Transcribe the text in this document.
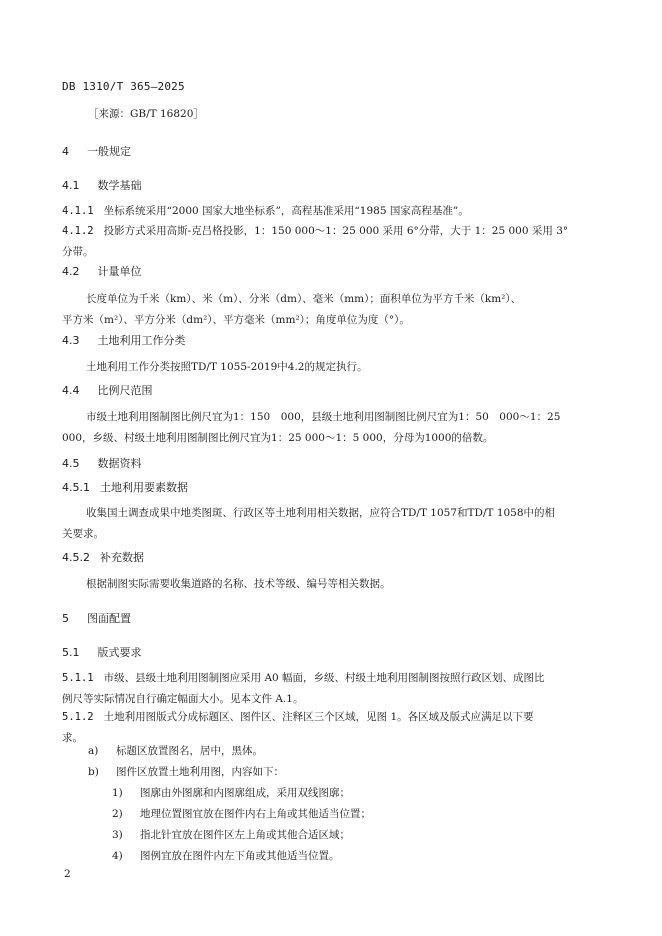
DB 1310/T 365—2025
［来源：GB/T 16820］
4 一般规定
4.1 数学基础
4.1.1 坐标系统采用“2000 国家大地坐标系”，高程基准采用“1985 国家高程基准”。
4.1.2 投影方式采用高斯-克吕格投影，1：150 000～1：25 000 采用 6°分带，大于 1：25 000 采用 3°
分带。
4.2 计量单位
长度单位为千米（km）、米（m）、分米（dm）、毫米（mm）；面积单位为平方千米（km²）、
平方米（m²）、平方分米（dm²）、平方毫米（mm²）；角度单位为度（°）。
4.3 土地利用工作分类
土地利用工作分类按照TD/T 1055-2019中4.2的规定执行。
4.4 比例尺范围
市级土地利用图制图比例尺宜为1：150　000，县级土地利用图制图比例尺宜为1：50　000～1：25
000，乡级、村级土地利用图制图比例尺宜为1：25 000～1：5 000，分母为1000的倍数。
4.5 数据资料
4.5.1 土地利用要素数据
收集国土调查成果中地类图斑、行政区等土地利用相关数据，应符合TD/T 1057和TD/T 1058中的相
关要求。
4.5.2 补充数据
根据制图实际需要收集道路的名称、技术等级、编号等相关数据。
5 图面配置
5.1 版式要求
5.1.1 市级、县级土地利用图制图应采用 A0 幅面，乡级、村级土地利用图制图按照行政区划、成图比
例尺等实际情况自行确定幅面大小。见本文件 A.1。
5.1.2 土地利用图版式分成标题区、图件区、注释区三个区域，见图 1。各区域及版式应满足以下要
求。
a) 标题区放置图名，居中，黑体。
b) 图件区放置土地利用图，内容如下：
1) 图廓由外图廓和内图廓组成，采用双线图廓；
2) 地理位置图宜放在图件内右上角或其他适当位置；
3) 指北针宜放在图件区左上角或其他合适区域；
4) 图例宜放在图件内左下角或其他适当位置。
2
